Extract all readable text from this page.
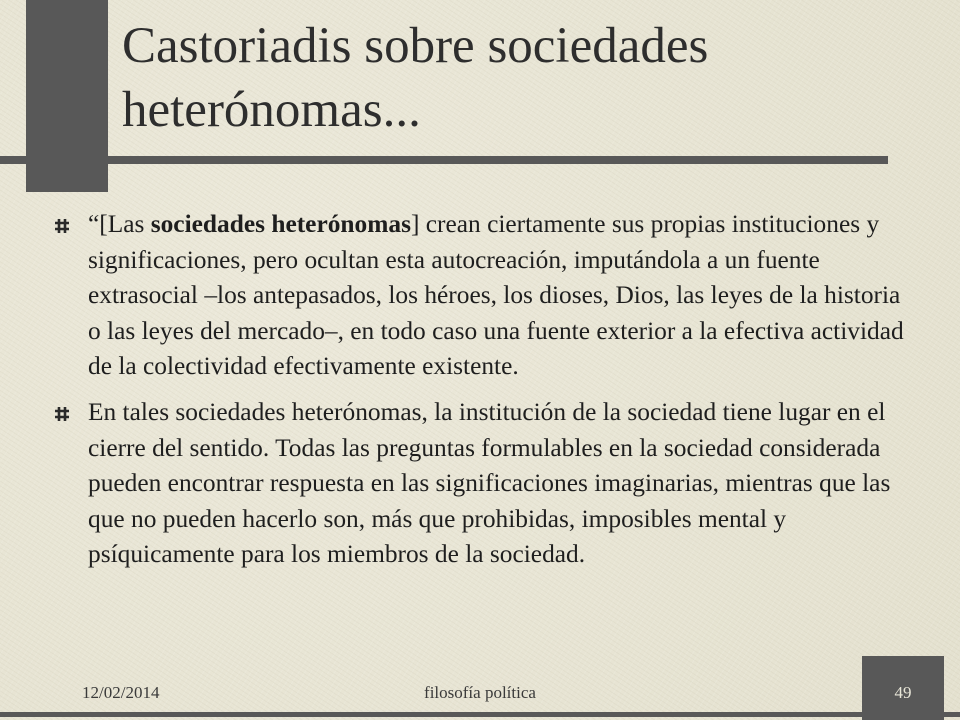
Castoriadis sobre sociedades
heterónomas...
“[Las sociedades heterónomas] crean ciertamente sus propias instituciones y significaciones, pero ocultan esta autocreación, imputándola a un fuente extrasocial –los antepasados, los héroes, los dioses, Dios, las leyes de la historia o las leyes del mercado–, en todo caso una fuente exterior a la efectiva actividad de la colectividad efectivamente existente.
En tales sociedades heterónomas, la institución de la sociedad tiene lugar en el cierre del sentido. Todas las preguntas formulables en la sociedad considerada pueden encontrar respuesta en las significaciones imaginarias, mientras que las que no pueden hacerlo son, más que prohibidas, imposibles mental y psíquicamente para los miembros de la sociedad.
12/02/2014	filosofía política	49
